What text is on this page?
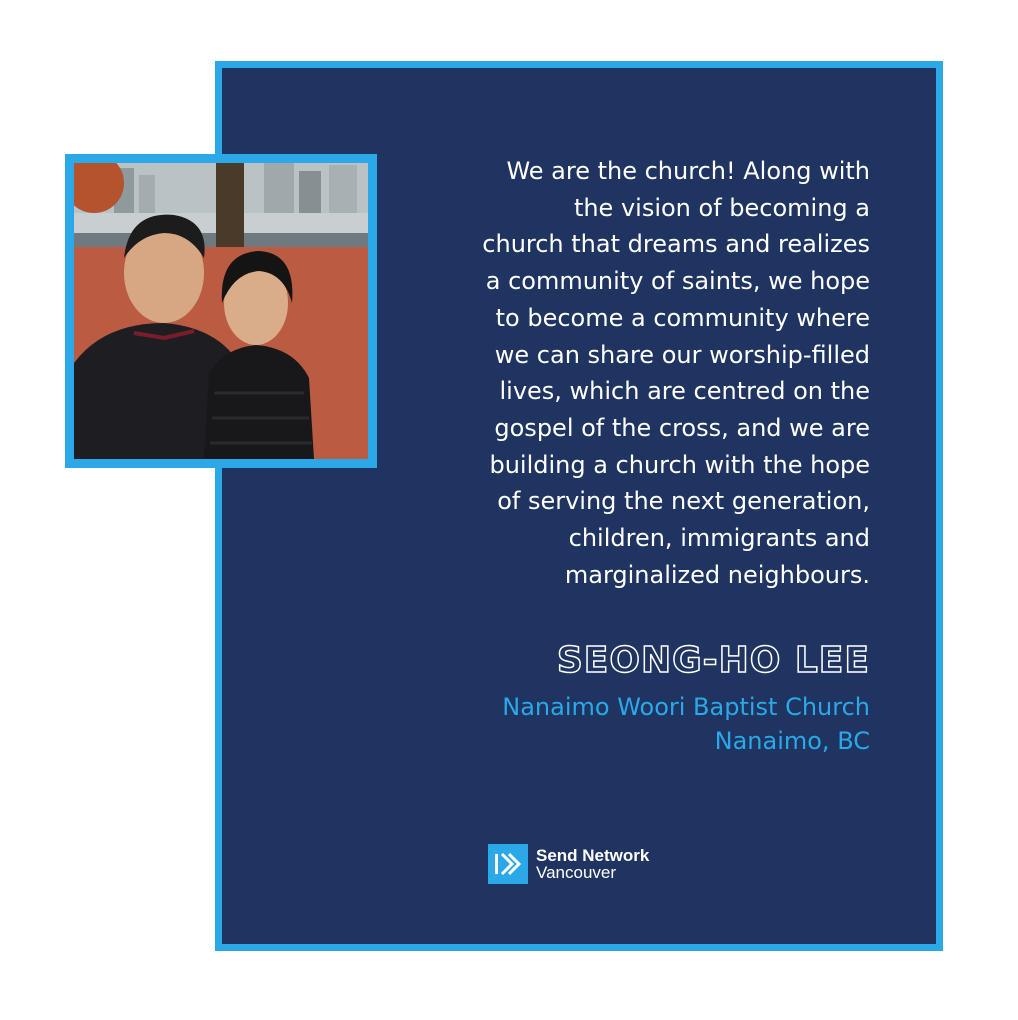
We are the church! Along with
the vision of becoming a
church that dreams and realizes
a community of saints, we hope
to become a community where
we can share our worship-filled
lives, which are centred on the
gospel of the cross, and we are
building a church with the hope
of serving the next generation,
children, immigrants and
marginalized neighbours.

SEONG-HO LEE
Nanaimo Woori Baptist Church
Nanaimo, BC
Send Network
Vancouver
